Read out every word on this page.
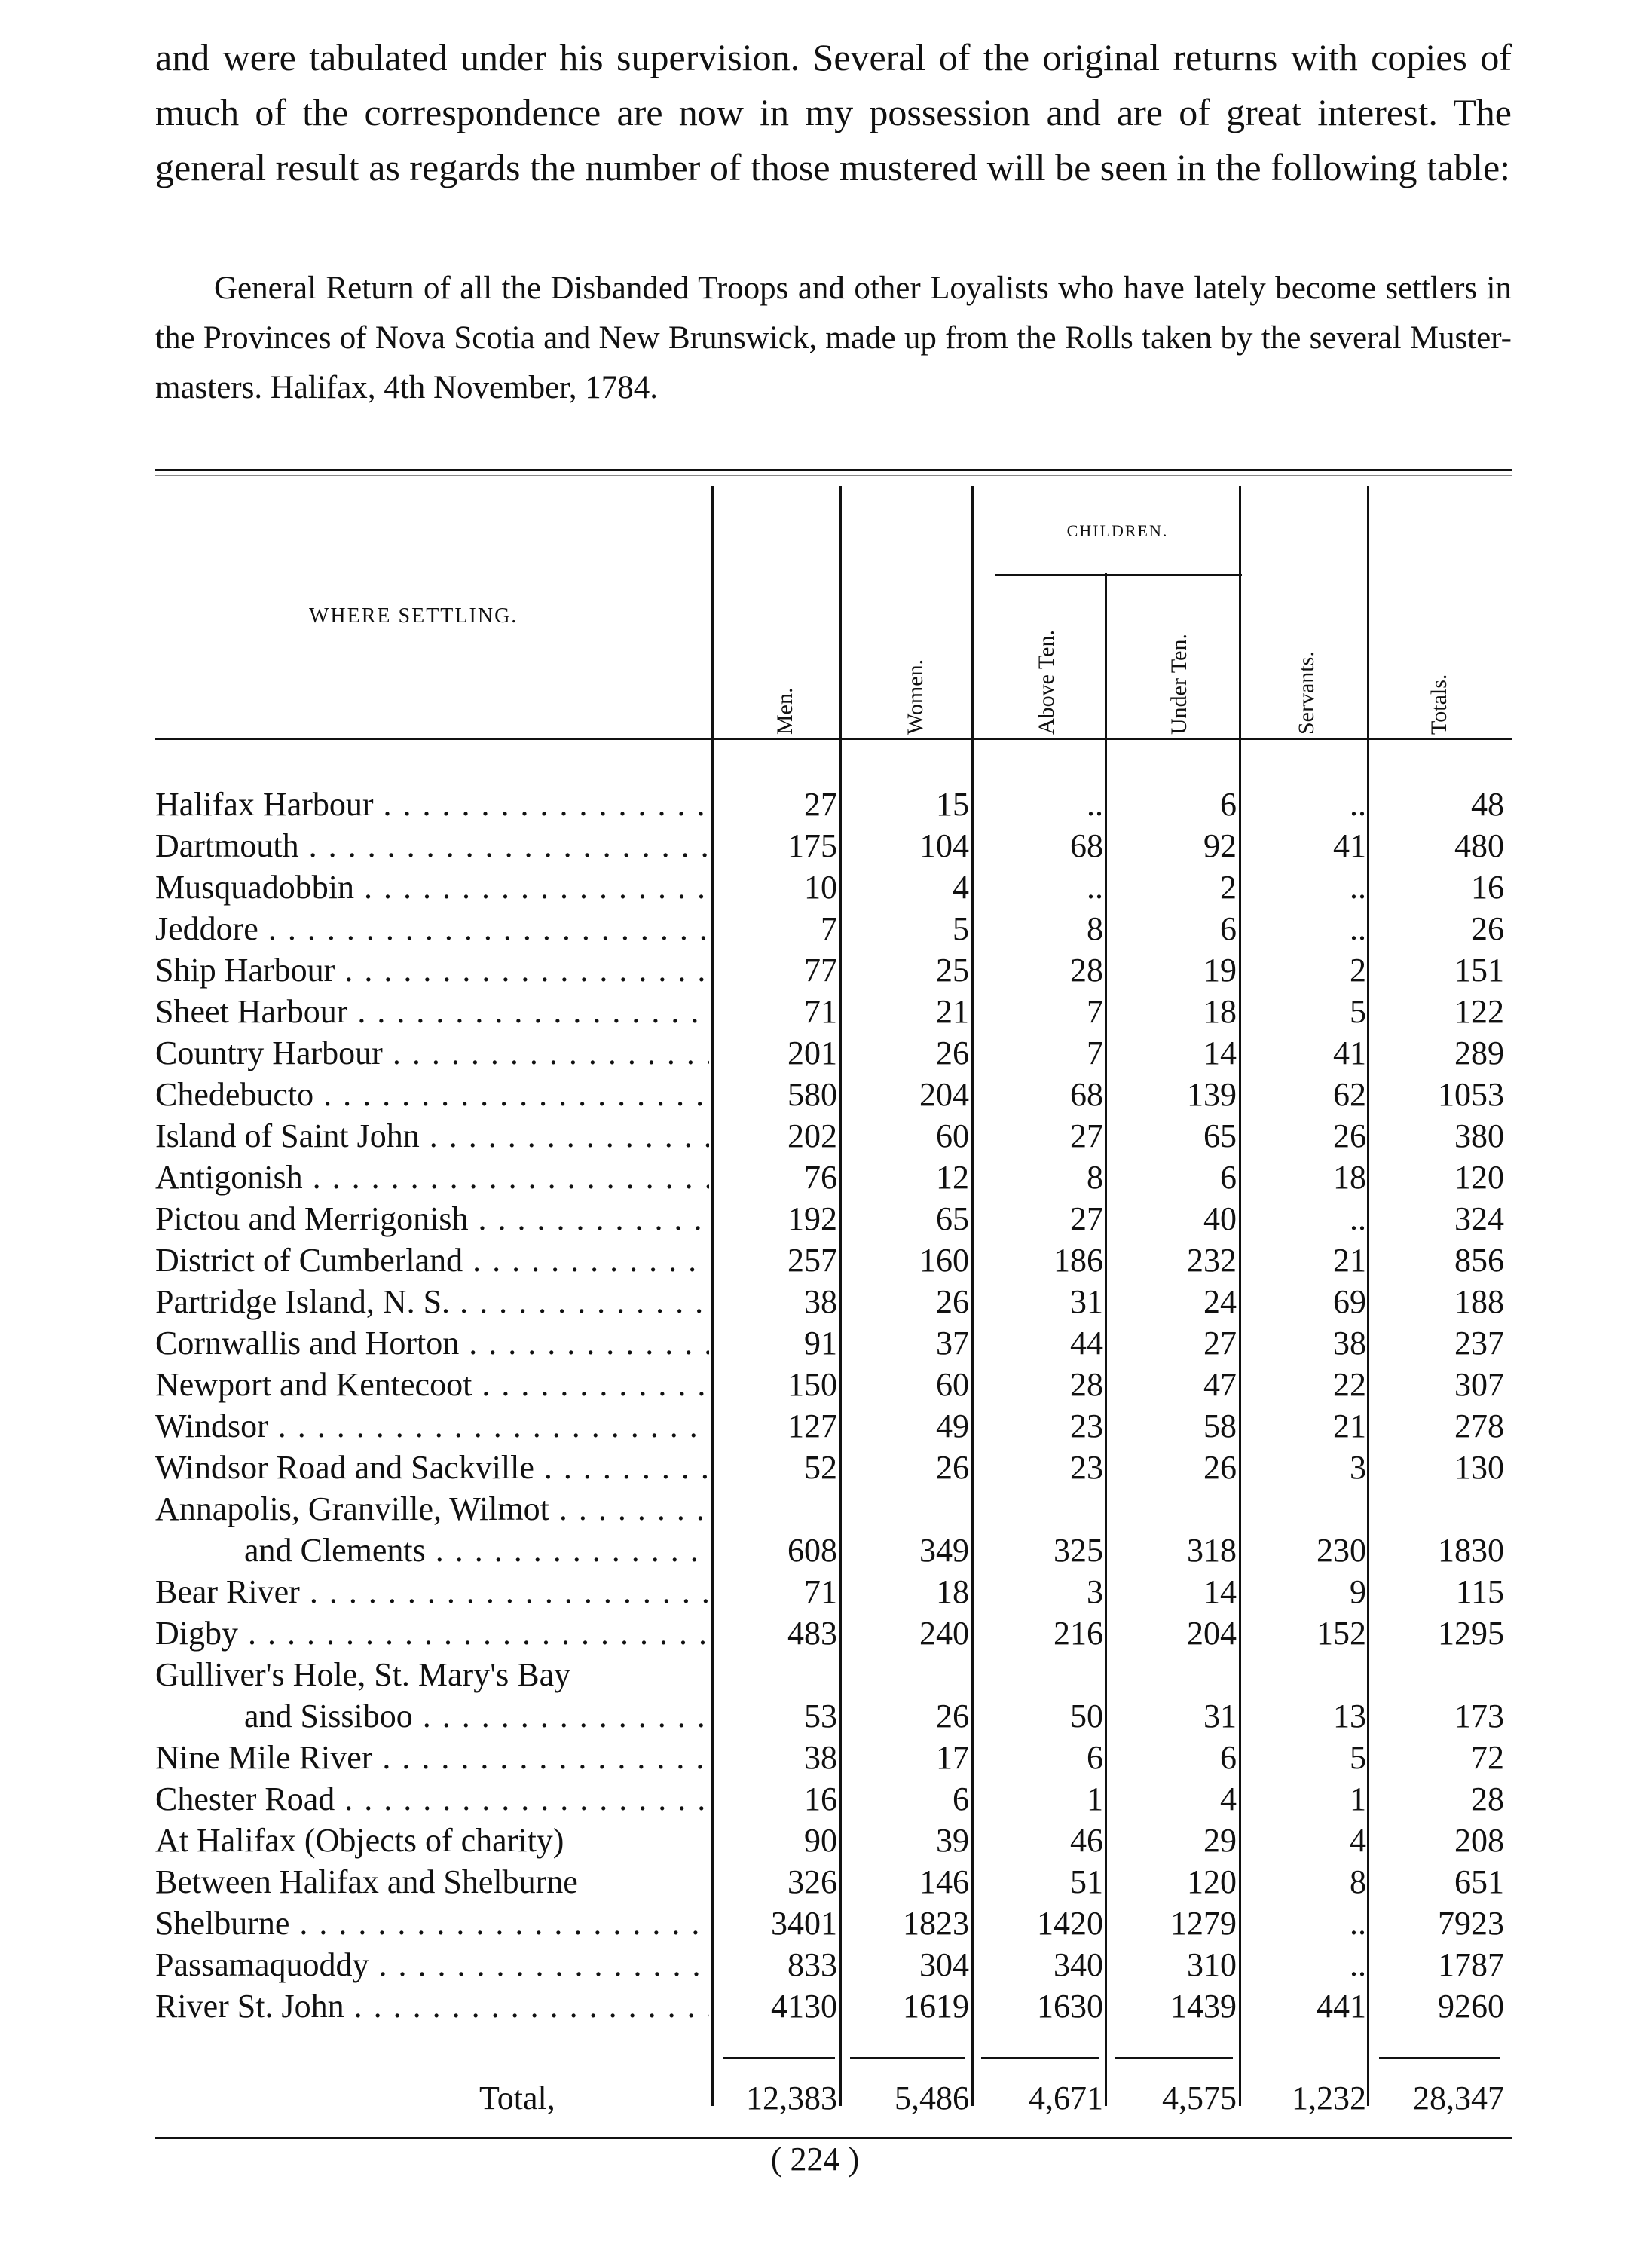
and were tabulated under his supervision. Several of the original returns with copies of much of the correspondence are now in my possession and are of great interest. The general result as regards the number of those mustered will be seen in the following table:

General Return of all the Disbanded Troops and other Loyalists who have lately become settlers in the Provinces of Nova Scotia and New Brunswick, made up from the Rolls taken by the several Muster-masters. Halifax, 4th November, 1784.

WHERE SETTLING.
CHILDREN.
Men.	Women.	Above Ten.	Under Ten.	Servants.	Totals.
Halifax Harbour . . .	27	15	..	6	..	48
Dartmouth . . .	175	104	68	92	41	480
Musquadobbin . . .	10	4	..	2	..	16
Jeddore . . .	7	5	8	6	..	26
Ship Harbour . . .	77	25	28	19	2	151
Sheet Harbour . . .	71	21	7	18	5	122
Country Harbour . . .	201	26	7	14	41	289
Chedebucto . . .	580	204	68	139	62	1053
Island of Saint John . . .	202	60	27	65	26	380
Antigonish . . .	76	12	8	6	18	120
Pictou and Merrigonish . . .	192	65	27	40	..	324
District of Cumberland . . .	257	160	186	232	21	856
Partridge Island, N. S. . . .	38	26	31	24	69	188
Cornwallis and Horton . . .	91	37	44	27	38	237
Newport and Kentecoot . . .	150	60	28	47	22	307
Windsor . . .	127	49	23	58	21	278
Windsor Road and Sackville . . .	52	26	23	26	3	130
Annapolis, Granville, Wilmot . . .
and Clements . . .	608	349	325	318	230	1830
Bear River . . .	71	18	3	14	9	115
Digby . . .	483	240	216	204	152	1295
Gulliver's Hole, St. Mary's Bay
and Sissiboo . . .	53	26	50	31	13	173
Nine Mile River . . .	38	17	6	6	5	72
Chester Road . . .	16	6	1	4	1	28
At Halifax (Objects of charity)	90	39	46	29	4	208
Between Halifax and Shelburne	326	146	51	120	8	651
Shelburne . . .	3401	1823	1420	1279	..	7923
Passamaquoddy . . .	833	304	340	310	..	1787
River St. John . . .	4130	1619	1630	1439	441	9260
Total,	12,383	5,486	4,671	4,575	1,232	28,347
( 224 )
